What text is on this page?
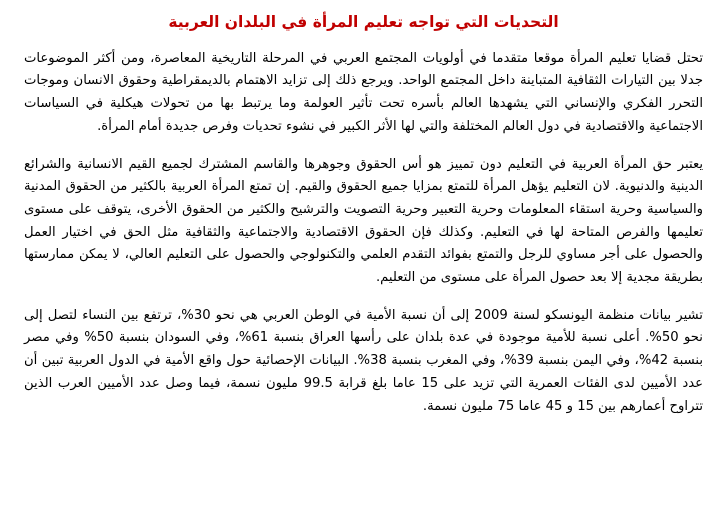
التحديات التي تواجه تعليم المرأة في البلدان العربية

تحتل قضايا تعليم المرأة موقعا متقدما في أولويات المجتمع العربي في المرحلة التاريخية المعاصرة، ومن أكثر الموضوعات جدلا بين التيارات الثقافية المتباينة داخل المجتمع الواحد. ويرجع ذلك إلى تزايد الاهتمام بالديمقراطية وحقوق الانسان وموجات التحرر الفكري والإنساني التي يشهدها العالم بأسره تحت تأثير العولمة وما يرتبط بها من تحولات هيكلية في السياسات الاجتماعية والاقتصادية في دول العالم المختلفة والتي لها الأثر الكبير في نشوء تحديات وفرص جديدة أمام المرأة.

يعتبر حق المرأة العربية في التعليم دون تمييز هو أس الحقوق وجوهرها والقاسم المشترك لجميع القيم الانسانية والشرائع الدينية والدنيوية. لان التعليم يؤهل المرأة للتمتع بمزايا جميع الحقوق والقيم. إن تمتع المرأة العربية بالكثير من الحقوق المدنية والسياسية وحرية استقاء المعلومات وحرية التعبير وحرية التصويت والترشيح والكثير من الحقوق الأخرى، يتوقف على مستوى تعليمها والفرص المتاحة لها في التعليم. وكذلك فإن الحقوق الاقتصادية والاجتماعية والثقافية مثل الحق في اختيار العمل والحصول على أجر مساوي للرجل والتمتع بفوائد التقدم العلمي والتكنولوجي والحصول على التعليم العالي، لا يمكن ممارستها بطريقة مجدية إلا بعد حصول المرأة على مستوى من التعليم.

تشير بيانات منظمة اليونسكو لسنة 2009 إلى أن نسبة الأمية في الوطن العربي هي نحو 30%، ترتفع بين النساء لتصل إلى نحو 50%. أعلى نسبة للأمية موجودة في عدة بلدان على رأسها العراق بنسبة 61%، وفي السودان بنسبة 50% وفي مصر بنسبة 42%، وفي اليمن بنسبة 39%، وفي المغرب بنسبة 38%. البيانات الإحصائية حول واقع الأمية في الدول العربية تبين أن عدد الأميين لدى الفئات العمرية التي تزيد على 15 عاما بلغ قرابة 99.5 مليون نسمة، فيما وصل عدد الأميين العرب الذين تتراوح أعمارهم بين 15 و 45 عاما 75 مليون نسمة.
